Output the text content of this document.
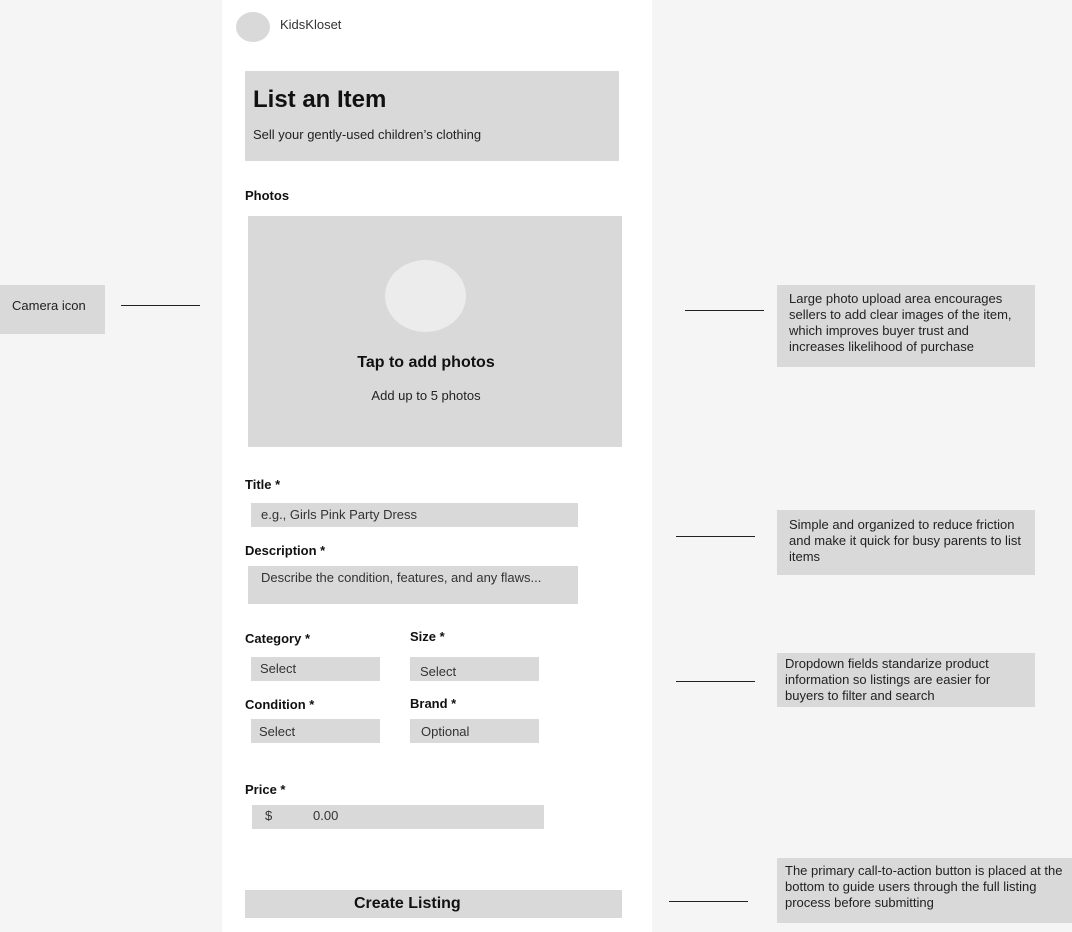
KidsKloset
List an Item
Sell your gently-used children’s clothing
Photos
Tap to add photos
Add up to 5 photos
Title *
e.g., Girls Pink Party Dress
Description *
Describe the condition, features, and any flaws...
Category *
Select
Size *
Select
Condition *
Select
Brand *
Optional
Price *
$	0.00
Create Listing
Camera icon	Large photo upload area encourages sellers to add clear images of the item, which improves buyer trust and increases likelihood of purchase
Simple and organized to reduce friction and make it quick for busy parents to list items
Dropdown fields standarize product information so listings are easier for buyers to filter and search
The primary call-to-action button is placed at the bottom to guide users through the full listing process before submitting
